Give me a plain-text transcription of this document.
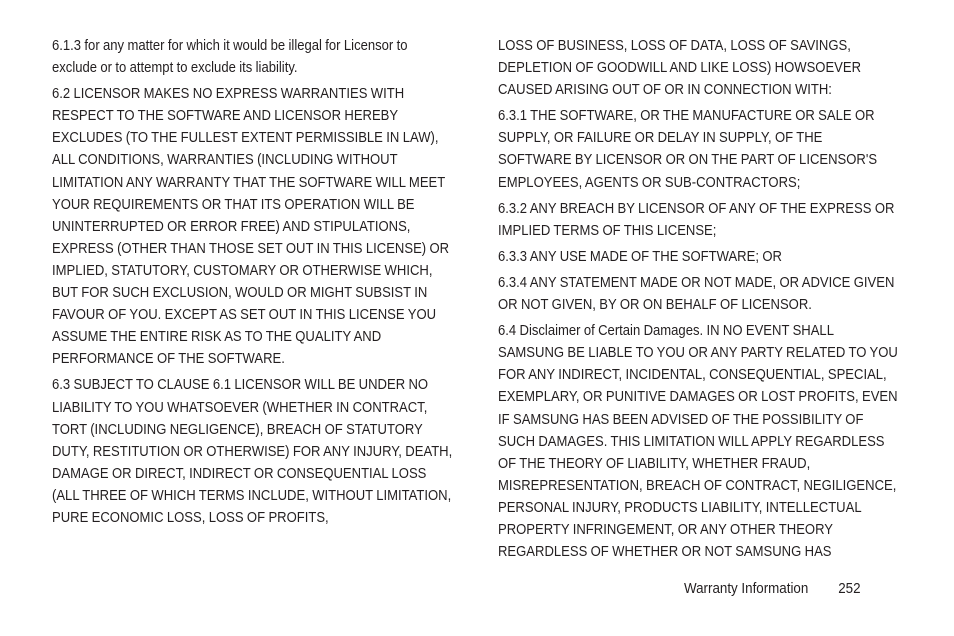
6.1.3 for any matter for which it would be illegal for Licensor to exclude or to attempt to exclude its liability.

6.2 LICENSOR MAKES NO EXPRESS WARRANTIES WITH RESPECT TO THE SOFTWARE AND LICENSOR HEREBY EXCLUDES (TO THE FULLEST EXTENT PERMISSIBLE IN LAW), ALL CONDITIONS, WARRANTIES (INCLUDING WITHOUT LIMITATION ANY WARRANTY THAT THE SOFTWARE WILL MEET YOUR REQUIREMENTS OR THAT ITS OPERATION WILL BE UNINTERRUPTED OR ERROR FREE) AND STIPULATIONS, EXPRESS (OTHER THAN THOSE SET OUT IN THIS LICENSE) OR IMPLIED, STATUTORY, CUSTOMARY OR OTHERWISE WHICH, BUT FOR SUCH EXCLUSION, WOULD OR MIGHT SUBSIST IN FAVOUR OF YOU. EXCEPT AS SET OUT IN THIS LICENSE YOU ASSUME THE ENTIRE RISK AS TO THE QUALITY AND PERFORMANCE OF THE SOFTWARE.

6.3 SUBJECT TO CLAUSE 6.1 LICENSOR WILL BE UNDER NO LIABILITY TO YOU WHATSOEVER (WHETHER IN CONTRACT, TORT (INCLUDING NEGLIGENCE), BREACH OF STATUTORY DUTY, RESTITUTION OR OTHERWISE) FOR ANY INJURY, DEATH, DAMAGE OR DIRECT, INDIRECT OR CONSEQUENTIAL LOSS (ALL THREE OF WHICH TERMS INCLUDE, WITHOUT LIMITATION, PURE ECONOMIC LOSS, LOSS OF PROFITS,

LOSS OF BUSINESS, LOSS OF DATA, LOSS OF SAVINGS, DEPLETION OF GOODWILL AND LIKE LOSS) HOWSOEVER CAUSED ARISING OUT OF OR IN CONNECTION WITH:

6.3.1 THE SOFTWARE, OR THE MANUFACTURE OR SALE OR SUPPLY, OR FAILURE OR DELAY IN SUPPLY, OF THE SOFTWARE BY LICENSOR OR ON THE PART OF LICENSOR'S EMPLOYEES, AGENTS OR SUB-CONTRACTORS;

6.3.2 ANY BREACH BY LICENSOR OF ANY OF THE EXPRESS OR IMPLIED TERMS OF THIS LICENSE;

6.3.3 ANY USE MADE OF THE SOFTWARE; OR

6.3.4 ANY STATEMENT MADE OR NOT MADE, OR ADVICE GIVEN OR NOT GIVEN, BY OR ON BEHALF OF LICENSOR.

6.4 Disclaimer of Certain Damages. IN NO EVENT SHALL SAMSUNG BE LIABLE TO YOU OR ANY PARTY RELATED TO YOU FOR ANY INDIRECT, INCIDENTAL, CONSEQUENTIAL, SPECIAL, EXEMPLARY, OR PUNITIVE DAMAGES OR LOST PROFITS, EVEN IF SAMSUNG HAS BEEN ADVISED OF THE POSSIBILITY OF SUCH DAMAGES. THIS LIMITATION WILL APPLY REGARDLESS OF THE THEORY OF LIABILITY, WHETHER FRAUD, MISREPRESENTATION, BREACH OF CONTRACT, NEGILIGENCE, PERSONAL INJURY, PRODUCTS LIABILITY, INTELLECTUAL PROPERTY INFRINGEMENT, OR ANY OTHER THEORY REGARDLESS OF WHETHER OR NOT SAMSUNG HAS

Warranty Information 252
